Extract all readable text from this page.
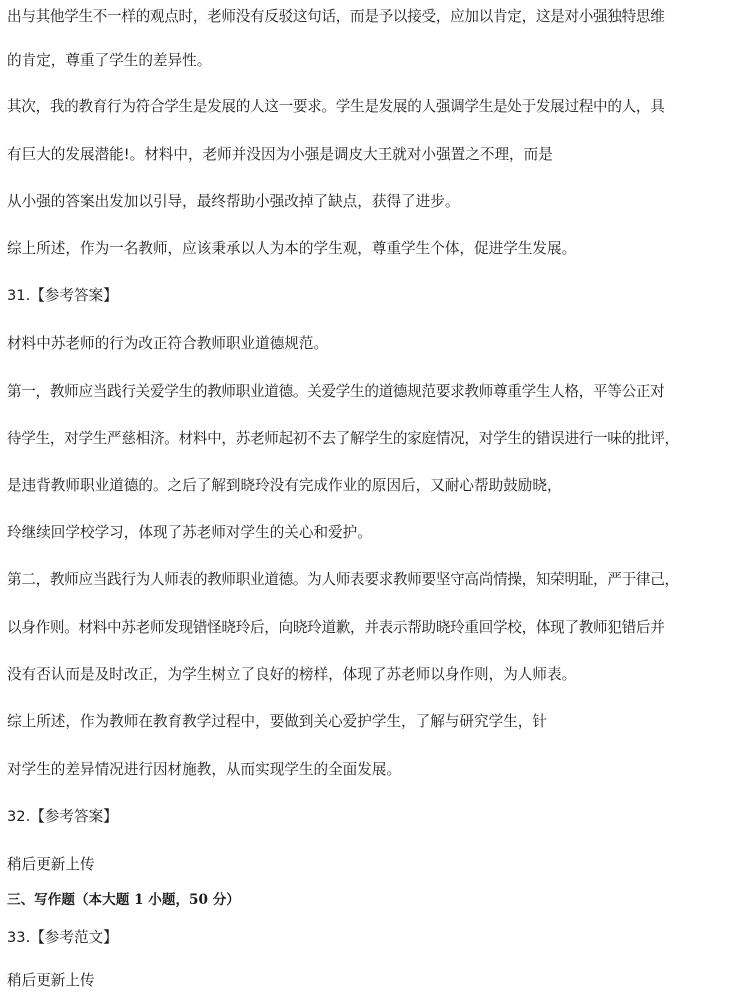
出与其他学生不一样的观点时，老师没有反驳这句话，而是予以接受，应加以肯定，这是对小强独特思维
的肯定，尊重了学生的差异性。
其次，我的教育行为符合学生是发展的人这一要求。学生是发展的人强调学生是处于发展过程中的人，具
有巨大的发展潜能!。材料中，老师并没因为小强是调皮大王就对小强置之不理，而是
从小强的答案出发加以引导，最终帮助小强改掉了缺点，获得了进步。
综上所述，作为一名教师，应该秉承以人为本的学生观，尊重学生个体，促进学生发展。
31.【参考答案】
材料中苏老师的行为改正符合教师职业道德规范。
第一，教师应当践行关爱学生的教师职业道德。关爱学生的道德规范要求教师尊重学生人格，平等公正对
待学生，对学生严慈相济。材料中，苏老师起初不去了解学生的家庭情况，对学生的错误进行一味的批评，
是违背教师职业道德的。之后了解到晓玲没有完成作业的原因后，又耐心帮助鼓励晓，
玲继续回学校学习，体现了苏老师对学生的关心和爱护。
第二，教师应当践行为人师表的教师职业道德。为人师表要求教师要坚守高尚情操，知荣明耻，严于律己，
以身作则。材料中苏老师发现错怪晓玲后，向晓玲道歉，并表示帮助晓玲重回学校，体现了教师犯错后并
没有否认而是及时改正，为学生树立了良好的榜样，体现了苏老师以身作则，为人师表。
综上所述，作为教师在教育教学过程中，要做到关心爱护学生，了解与研究学生，针
对学生的差异情况进行因材施教，从而实现学生的全面发展。
32.【参考答案】
稍后更新上传
三、写作题（本大题 1 小题，50 分）
33.【参考范文】
稍后更新上传
